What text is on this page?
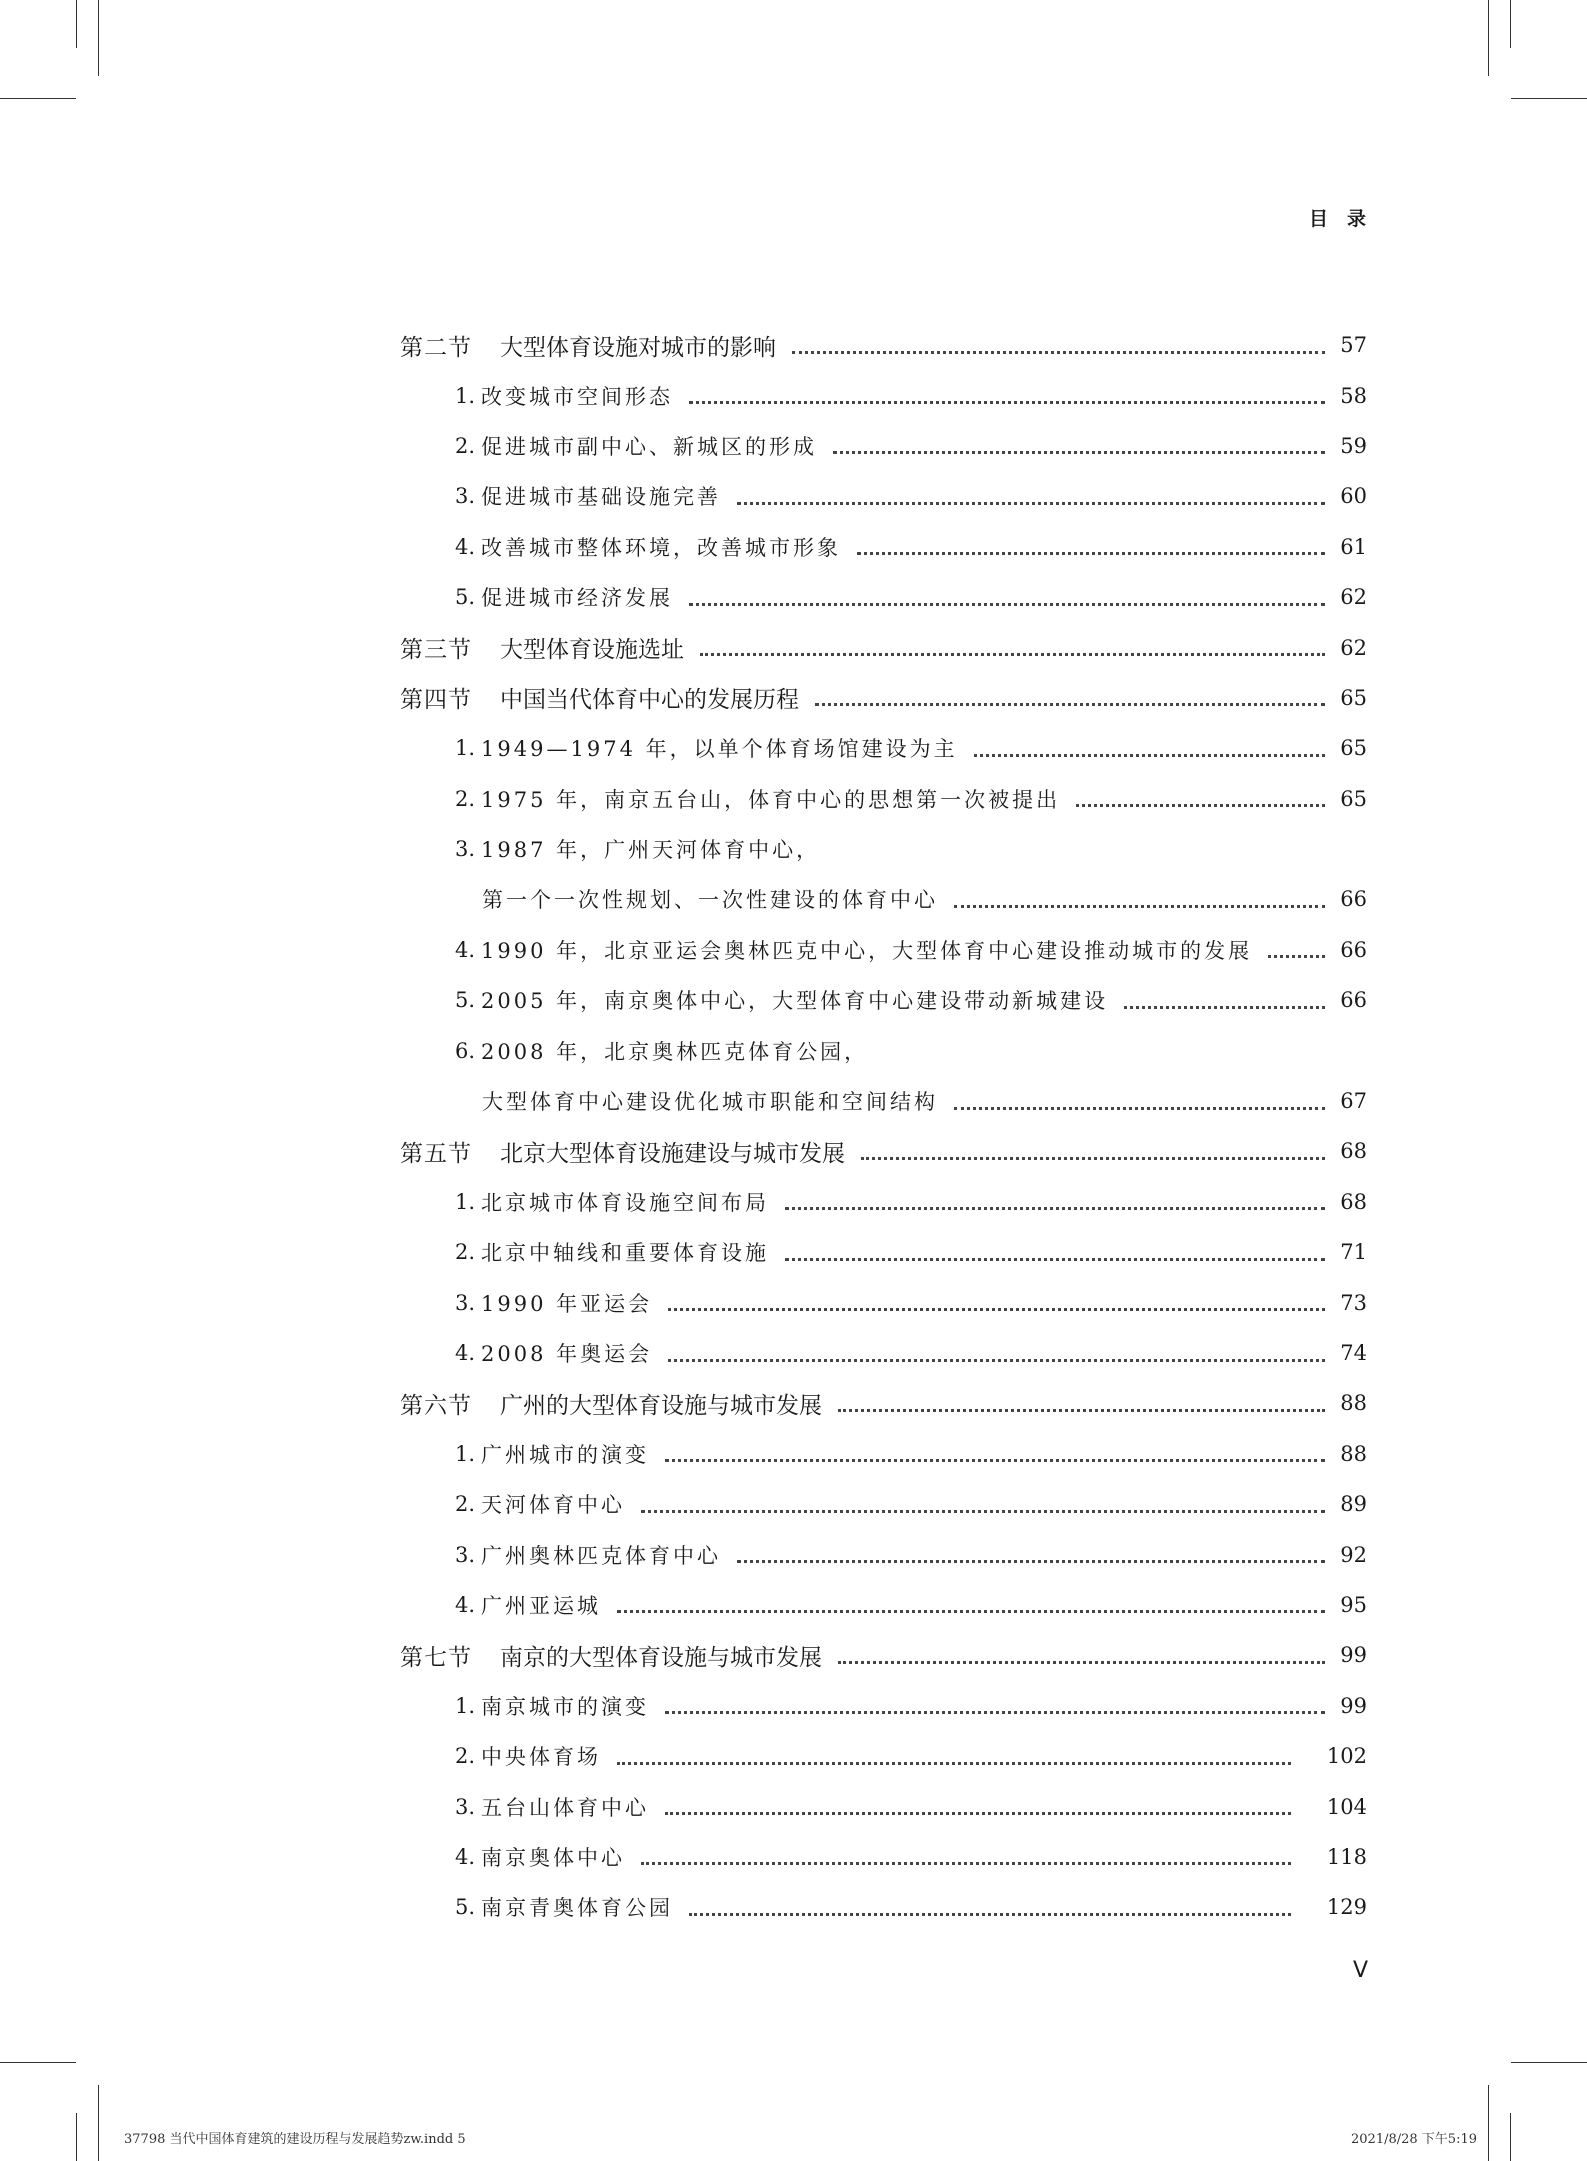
目 录
第二节 大型体育设施对城市的影响	57
1. 改变城市空间形态	58
2. 促进城市副中心、新城区的形成	59
3. 促进城市基础设施完善	60
4. 改善城市整体环境，改善城市形象	61
5. 促进城市经济发展	62
第三节 大型体育设施选址	62
第四节 中国当代体育中心的发展历程	65
1. 1949—1974 年，以单个体育场馆建设为主	65
2. 1975 年，南京五台山，体育中心的思想第一次被提出	65
3. 1987 年，广州天河体育中心，
第一个一次性规划、一次性建设的体育中心	66
4. 1990 年，北京亚运会奥林匹克中心，大型体育中心建设推动城市的发展	66
5. 2005 年，南京奥体中心，大型体育中心建设带动新城建设	66
6. 2008 年，北京奥林匹克体育公园，
大型体育中心建设优化城市职能和空间结构	67
第五节 北京大型体育设施建设与城市发展	68
1. 北京城市体育设施空间布局	68
2. 北京中轴线和重要体育设施	71
3. 1990 年亚运会	73
4. 2008 年奥运会	74
第六节 广州的大型体育设施与城市发展	88
1. 广州城市的演变	88
2. 天河体育中心	89
3. 广州奥林匹克体育中心	92
4. 广州亚运城	95
第七节 南京的大型体育设施与城市发展	99
1. 南京城市的演变	99
2. 中央体育场	102
3. 五台山体育中心	104
4. 南京奥体中心	118
5. 南京青奥体育公园	129
V
37798 当代中国体育建筑的建设历程与发展趋势zw.indd 5	2021/8/28 下午5:19
